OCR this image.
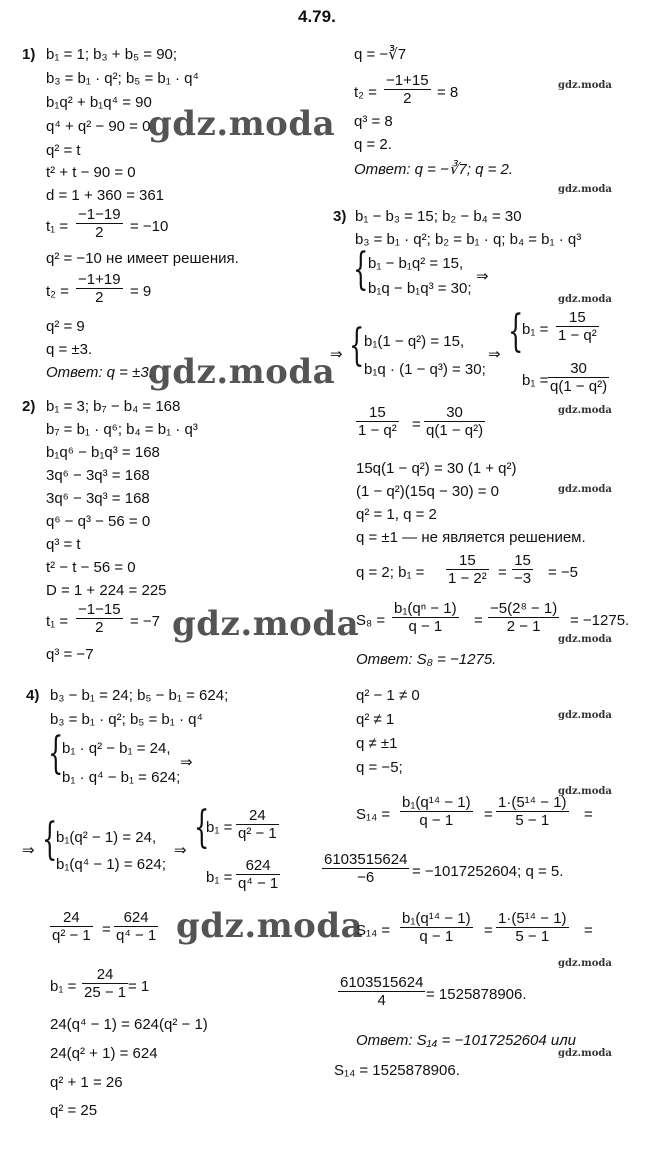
4.79.
1) b₁ = 1; b₃ + b₅ = 90;
b₃ = b₁ · q²; b₅ = b₁ · q⁴
b₁q² + b₁q⁴ = 90
q⁴ + q² − 90 = 0
q² = t
t² + t − 90 = 0
d = 1 + 360 = 361
t₁ =
−1−19
2 = −10
q² = −10 не имеет решения.
t₂ =
−1+19
2 = 9
q² = 9
q = ±3.
Ответ: q = ±3.
q = −∛7
t₂ =
−1+15
2 = 8
q³ = 8
q = 2.
Ответ: q = −∛7; q = 2.
2) b₁ = 3; b₇ − b₄ = 168
b₇ = b₁ · q⁶; b₄ = b₁ · q³
b₁q⁶ − b₁q³ = 168
3q⁶ − 3q³ = 168
3q⁶ − 3q³ = 168
q⁶ − q³ − 56 = 0
q³ = t
t² − t − 56 = 0
D = 1 + 224 = 225
t₁ =
−1−15
2 = −7
q³ = −7
3) b₁ − b₃ = 15; b₂ − b₄ = 30
b₃ = b₁ · q²; b₂ = b₁ · q; b₄ = b₁ · q³
{ b₁ − b₁q² = 15,
b₁q − b₁q³ = 30;
⇒
⇒ { b₁(1 − q²) = 15,
b₁q · (1 − q³) = 30;
⇒ {
b₁ =
15
1 − q²
b₁ =
30
q(1 − q²)
15
1 − q² =
30
q(1 − q²)
15q(1 − q²) = 30 (1 + q²)
(1 − q²)(15q − 30) = 0
q² = 1, q = 2
q = ±1 — не является решением.
q = 2; b₁ =
15
1 − 2² =
15
−3 = −5
S₈ =
b₁(qⁿ − 1)
q − 1 =
−5(2⁸ − 1)
2 − 1 = −1275.
Ответ: S₈ = −1275.
4) b₃ − b₁ = 24; b₅ − b₁ = 624;
b₃ = b₁ · q²; b₅ = b₁ · q⁴
{
b₁ · q² − b₁ = 24,
b₁ · q⁴ − b₁ = 624;
⇒
⇒ {
b₁(q² − 1) = 24,
b₁(q⁴ − 1) = 624;
⇒ {
b₁ =
24
q² − 1
b₁ =
624
q⁴ − 1
24
q² − 1 =
624
q⁴ − 1
b₁ =
24
25 − 1 = 1
24(q⁴ − 1) = 624(q² − 1)
24(q² + 1) = 624
q² + 1 = 26
q² = 25
q² − 1 ≠ 0
q² ≠ 1
q ≠ ±1
q = −5;
S₁₄ =
b₁(q¹⁴ − 1)
q − 1 =
1·(5¹⁴ − 1)
5 − 1 =
6103515624
−6	= −1017252604; q = 5.
S₁₄ =
b₁(q¹⁴ − 1)
q − 1 =
1·(5¹⁴ − 1)
5 − 1 =
6103515624
4	= 1525878906.
Ответ: S₁₄ = −1017252604 или
S₁₄ = 1525878906.
gdz.moda
gdz.moda
gdz.moda
gdz.moda
gdz.moda
gdz.moda
gdz.moda
gdz.moda
gdz.moda
gdz.moda
gdz.moda
gdz.moda
gdz.moda
gdz.moda
